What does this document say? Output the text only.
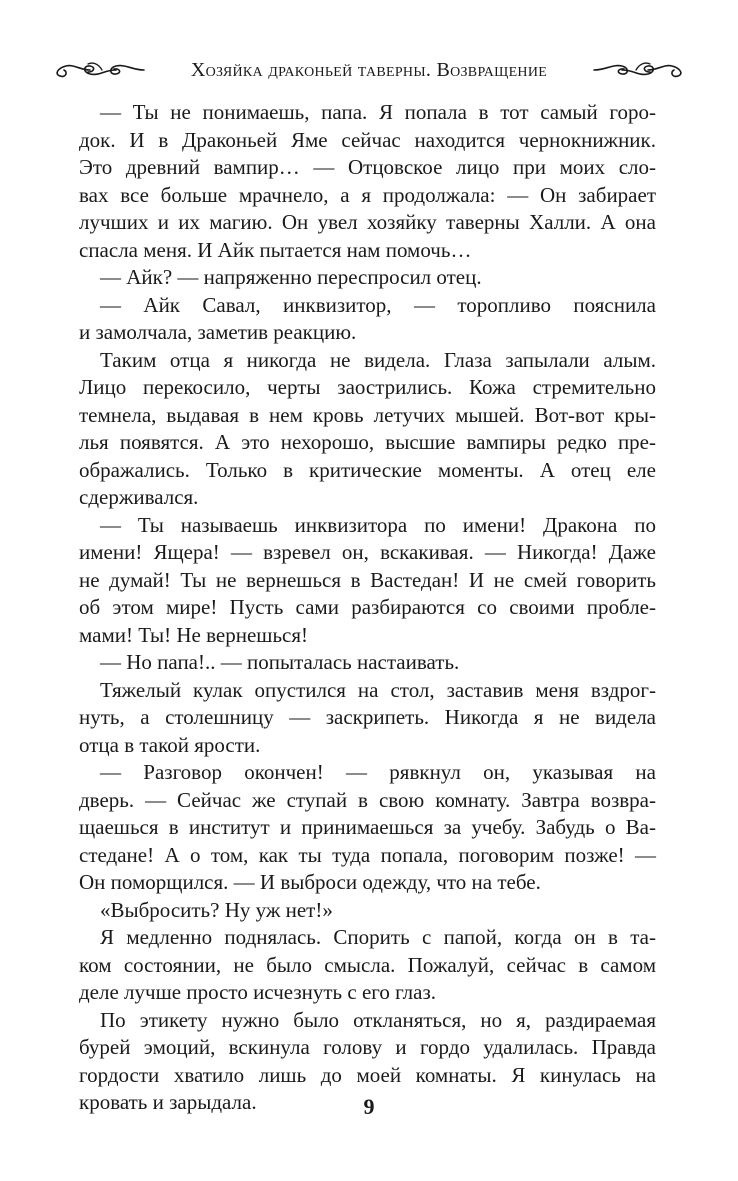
Хозяйка драконьей таверны. Возвращение

— Ты не понимаешь, папа. Я попала в тот самый горо-
док. И в Драконьей Яме сейчас находится чернокнижник.
Это древний вампир… — Отцовское лицо при моих сло-
вах все больше мрачнело, а я продолжала: — Он забирает
лучших и их магию. Он увел хозяйку таверны Халли. А она
спасла меня. И Айк пытается нам помочь…

— Айк? — напряженно переспросил отец.

— Айк Савал, инквизитор, — торопливо пояснила
и замолчала, заметив реакцию.

Таким отца я никогда не видела. Глаза запылали алым.
Лицо перекосило, черты заострились. Кожа стремительно
темнела, выдавая в нем кровь летучих мышей. Вот-вот кры-
лья появятся. А это нехорошо, высшие вампиры редко пре-
ображались. Только в критические моменты. А отец еле
сдерживался.

— Ты называешь инквизитора по имени! Дракона по
имени! Ящера! — взревел он, вскакивая. — Никогда! Даже
не думай! Ты не вернешься в Вастедан! И не смей говорить
об этом мире! Пусть сами разбираются со своими пробле-
мами! Ты! Не вернешься!

— Но папа!.. — попыталась настаивать.

Тяжелый кулак опустился на стол, заставив меня вздрог-
нуть, а столешницу — заскрипеть. Никогда я не видела
отца в такой ярости.

— Разговор окончен! — рявкнул он, указывая на
дверь. — Сейчас же ступай в свою комнату. Завтра возвра-
щаешься в институт и принимаешься за учебу. Забудь о Ва-
стедане! А о том, как ты туда попала, поговорим позже! —
Он поморщился. — И выброси одежду, что на тебе.

«Выбросить? Ну уж нет!»

Я медленно поднялась. Спорить с папой, когда он в та-
ком состоянии, не было смысла. Пожалуй, сейчас в самом
деле лучше просто исчезнуть с его глаз.

По этикету нужно было откланяться, но я, раздираемая
бурей эмоций, вскинула голову и гордо удалилась. Правда
гордости хватило лишь до моей комнаты. Я кинулась на
кровать и зарыдала.	9
